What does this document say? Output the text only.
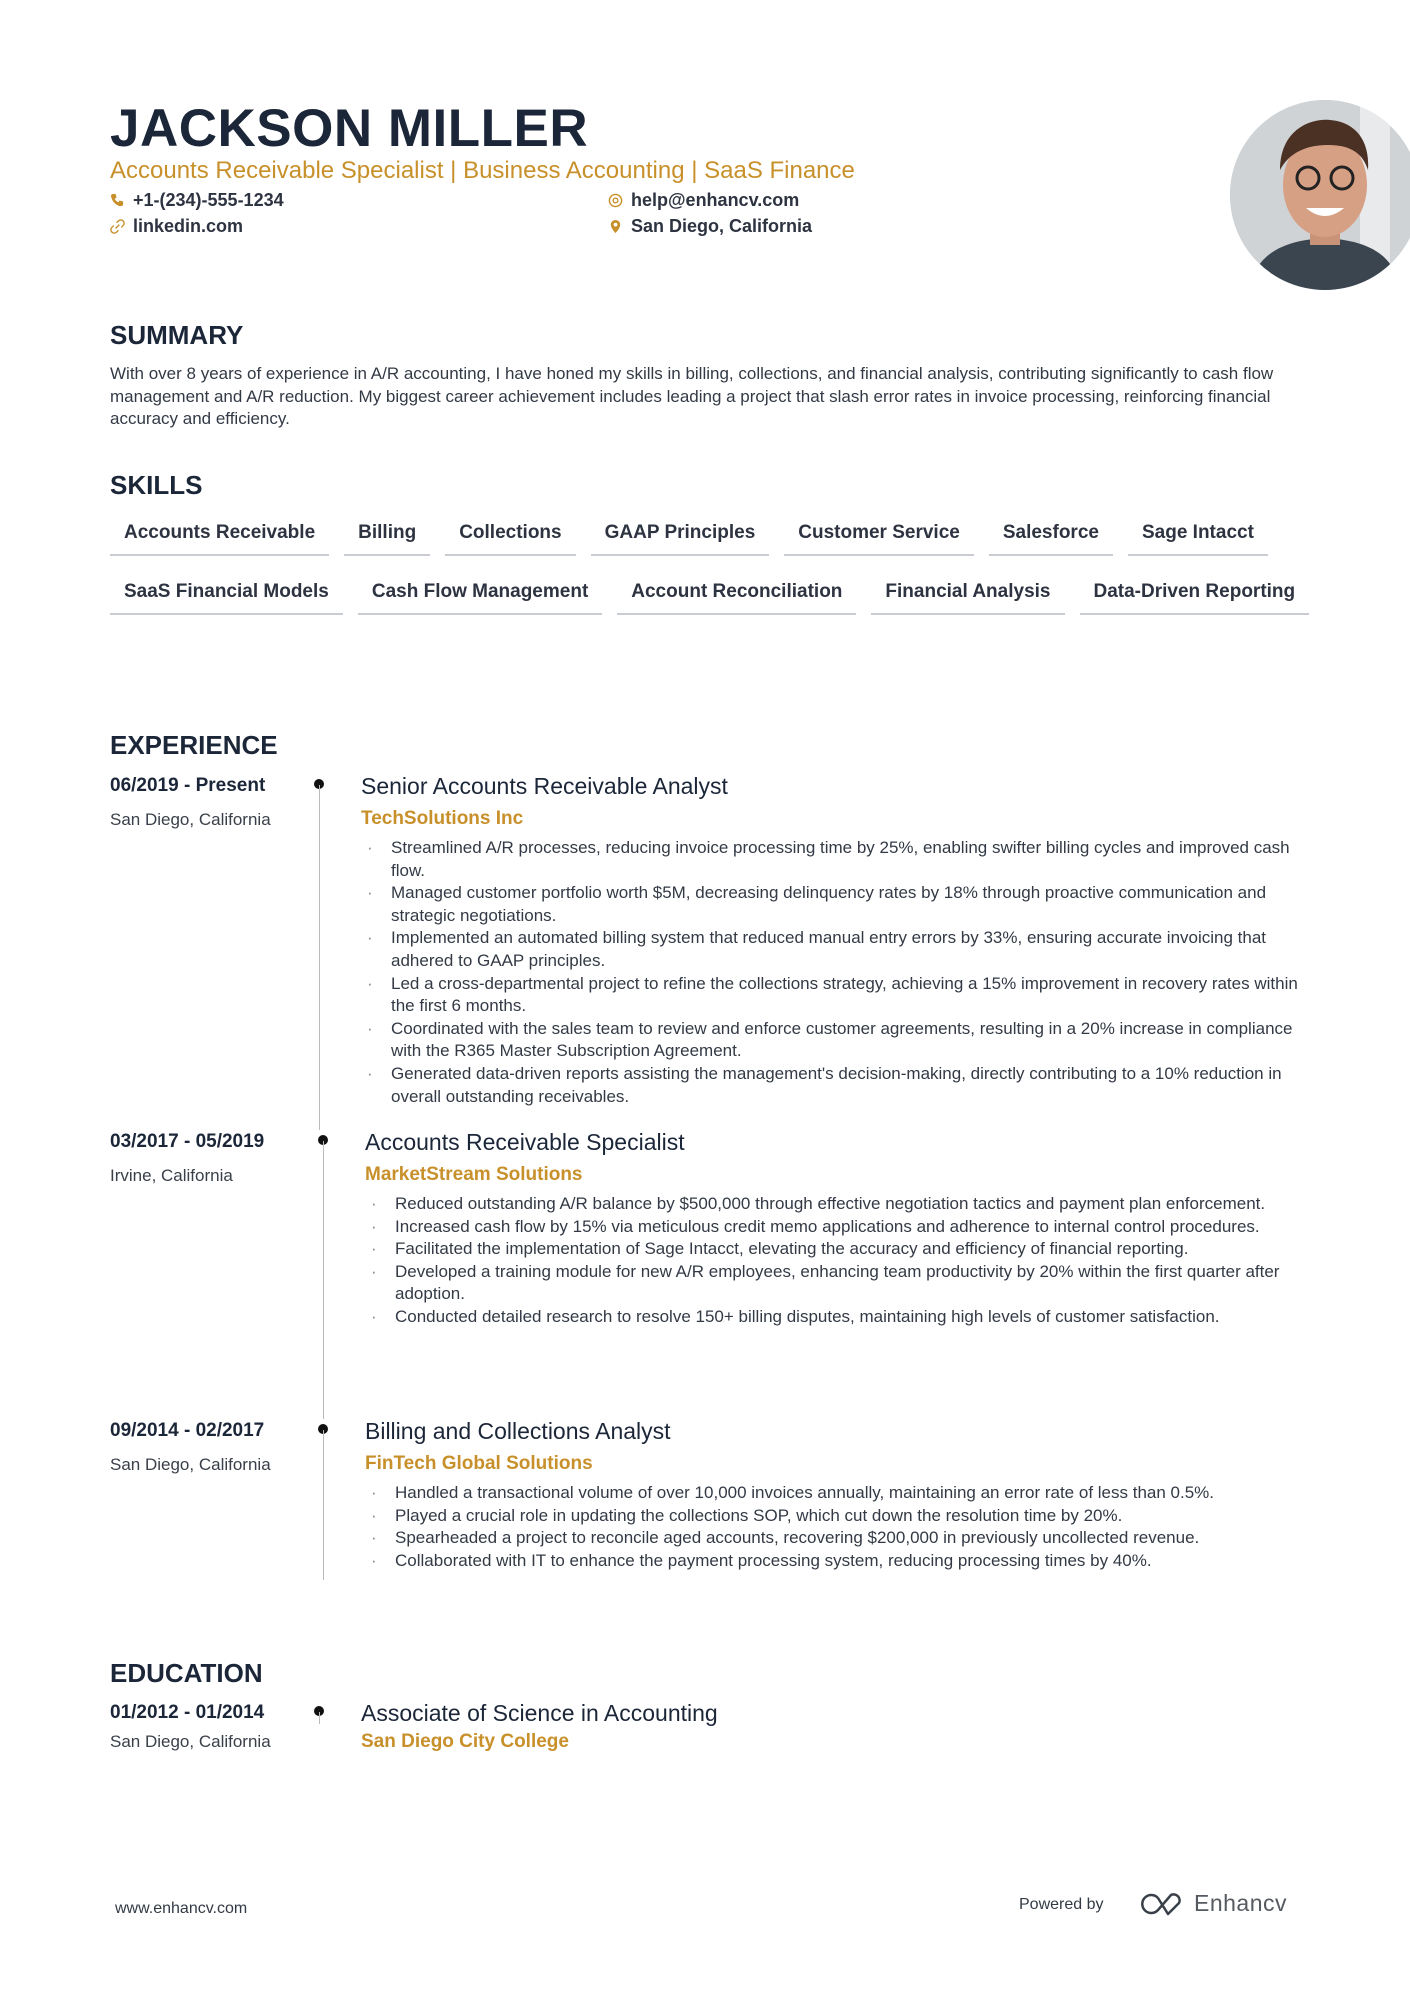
JACKSON MILLER
Accounts Receivable Specialist | Business Accounting | SaaS Finance
+1-(234)-555-1234	help@enhancv.com
linkedin.com	San Diego, California
SUMMARY
With over 8 years of experience in A/R accounting, I have honed my skills in billing, collections, and financial analysis, contributing significantly to cash flow management and A/R reduction. My biggest career achievement includes leading a project that slash error rates in invoice processing, reinforcing financial accuracy and efficiency.
SKILLS
Accounts Receivable	Billing	Collections	GAAP Principles	Customer Service	Salesforce	Sage Intacct
SaaS Financial Models	Cash Flow Management	Account Reconciliation	Financial Analysis	Data-Driven Reporting
EXPERIENCE
06/2019 - Present
San Diego, California
Senior Accounts Receivable Analyst
TechSolutions Inc
· Streamlined A/R processes, reducing invoice processing time by 25%, enabling swifter billing cycles and improved cash flow.
· Managed customer portfolio worth $5M, decreasing delinquency rates by 18% through proactive communication and strategic negotiations.
· Implemented an automated billing system that reduced manual entry errors by 33%, ensuring accurate invoicing that adhered to GAAP principles.
· Led a cross-departmental project to refine the collections strategy, achieving a 15% improvement in recovery rates within the first 6 months.
· Coordinated with the sales team to review and enforce customer agreements, resulting in a 20% increase in compliance with the R365 Master Subscription Agreement.
· Generated data-driven reports assisting the management's decision-making, directly contributing to a 10% reduction in overall outstanding receivables.
03/2017 - 05/2019
Irvine, California
Accounts Receivable Specialist
MarketStream Solutions
· Reduced outstanding A/R balance by $500,000 through effective negotiation tactics and payment plan enforcement.
· Increased cash flow by 15% via meticulous credit memo applications and adherence to internal control procedures.
· Facilitated the implementation of Sage Intacct, elevating the accuracy and efficiency of financial reporting.
· Developed a training module for new A/R employees, enhancing team productivity by 20% within the first quarter after adoption.
· Conducted detailed research to resolve 150+ billing disputes, maintaining high levels of customer satisfaction.
09/2014 - 02/2017
San Diego, California
Billing and Collections Analyst
FinTech Global Solutions
· Handled a transactional volume of over 10,000 invoices annually, maintaining an error rate of less than 0.5%.
· Played a crucial role in updating the collections SOP, which cut down the resolution time by 20%.
· Spearheaded a project to reconcile aged accounts, recovering $200,000 in previously uncollected revenue.
· Collaborated with IT to enhance the payment processing system, reducing processing times by 40%.
EDUCATION
01/2012 - 01/2014
San Diego, California
Associate of Science in Accounting
San Diego City College
www.enhancv.com	Powered by	Enhancv
